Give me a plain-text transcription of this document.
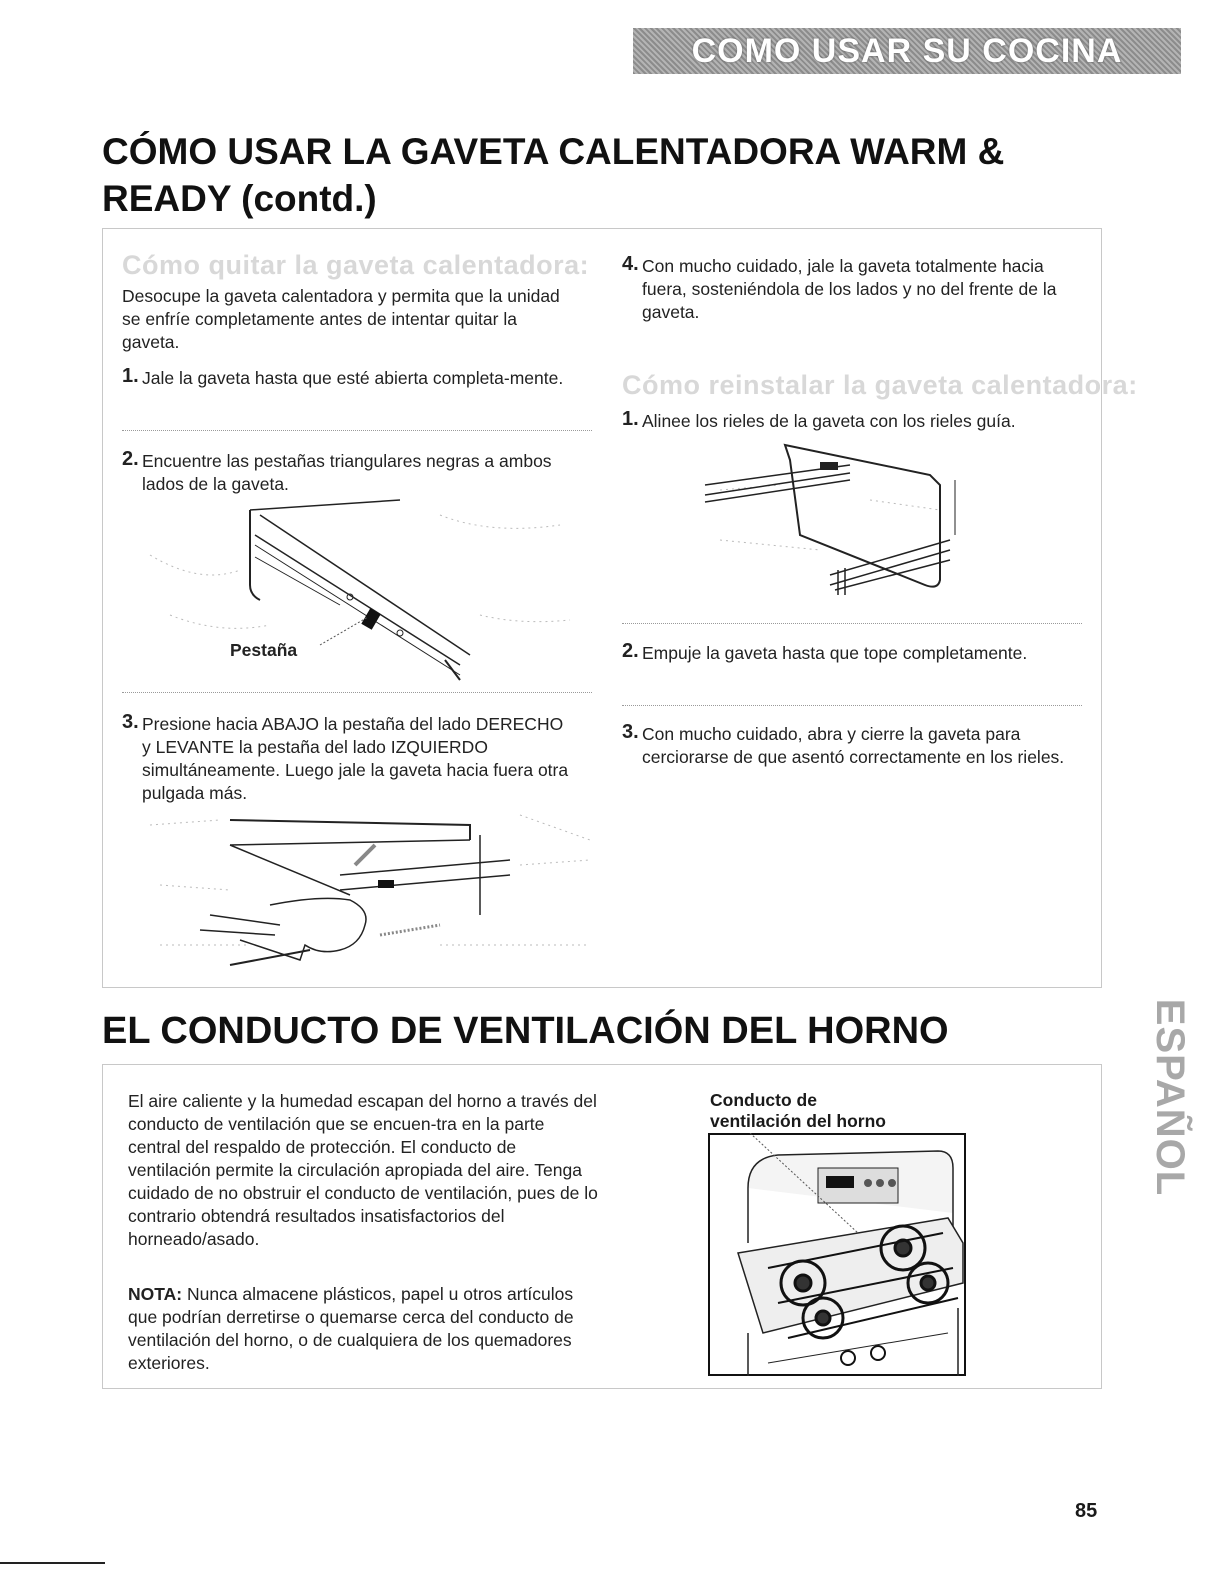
COMO USAR SU COCINA
CÓMO USAR LA GAVETA CALENTADORA WARM & READY (contd.)
Cómo quitar la gaveta calentadora:

Desocupe la gaveta calentadora y permita que la unidad se enfríe completamente antes de intentar quitar la gaveta.

1. Jale la gaveta hasta que esté abierta completa-mente.
2. Encuentre las pestañas triangulares negras a ambos lados de la gaveta.
Pestaña
3. Presione hacia ABAJO la pestaña del lado DERECHO y LEVANTE la pestaña del lado IZQUIERDO simultáneamente. Luego jale la gaveta hacia fuera otra pulgada más.
4. Con mucho cuidado, jale la gaveta totalmente hacia fuera, sosteniéndola de los lados y no del frente de la gaveta.
Cómo reinstalar la gaveta calentadora:
1. Alinee los rieles de la gaveta con los rieles guía.
2. Empuje la gaveta hasta que tope completamente.
3. Con mucho cuidado, abra y cierre la gaveta para cerciorarse de que asentó correctamente en los rieles.
EL CONDUCTO DE VENTILACIÓN DEL HORNO

El aire caliente y la humedad escapan del horno a través del conducto de ventilación que se encuen-tra en la parte central del respaldo de protección. El conducto de ventilación permite la circulación apropiada del aire. Tenga cuidado de no obstruir el conducto de ventilación, pues de lo contrario obtendrá resultados insatisfactorios del horneado/asado.

NOTA: Nunca almacene plásticos, papel u otros artículos que podrían derretirse o quemarse cerca del conducto de ventilación del horno, o de cualquiera de los quemadores exteriores.

Conducto de
ventilación del horno	ESPAÑOL
85
